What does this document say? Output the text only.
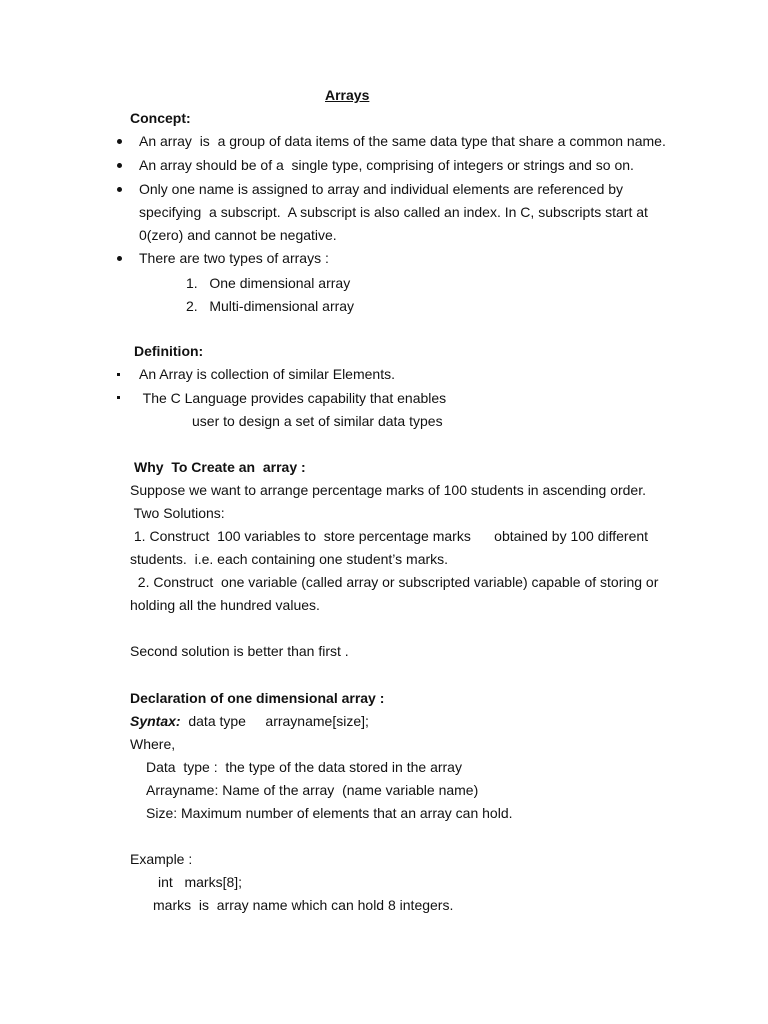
Arrays
Concept:
An array  is  a group of data items of the same data type that share a common name.
An array should be of a  single type, comprising of integers or strings and so on.
Only one name is assigned to array and individual elements are referenced by
specifying  a subscript.  A subscript is also called an index. In C, subscripts start at
0(zero) and cannot be negative.
There are two types of arrays :
1.   One dimensional array
2.   Multi-dimensional array
Definition:
An Array is collection of similar Elements.
The C Language provides capability that enables
user to design a set of similar data types
Why  To Create an  array :
Suppose we want to arrange percentage marks of 100 students in ascending order.
Two Solutions:
1. Construct  100 variables to  store percentage marks      obtained by 100 different
students.  i.e. each containing one student’s marks.
2. Construct  one variable (called array or subscripted variable) capable of storing or
holding all the hundred values.
Second solution is better than first .
Declaration of one dimensional array :
Syntax:  data type     arrayname[size];
Where,
Data  type :  the type of the data stored in the array
Arrayname: Name of the array  (name variable name)
Size: Maximum number of elements that an array can hold.
Example :
int   marks[8];
marks  is  array name which can hold 8 integers.
